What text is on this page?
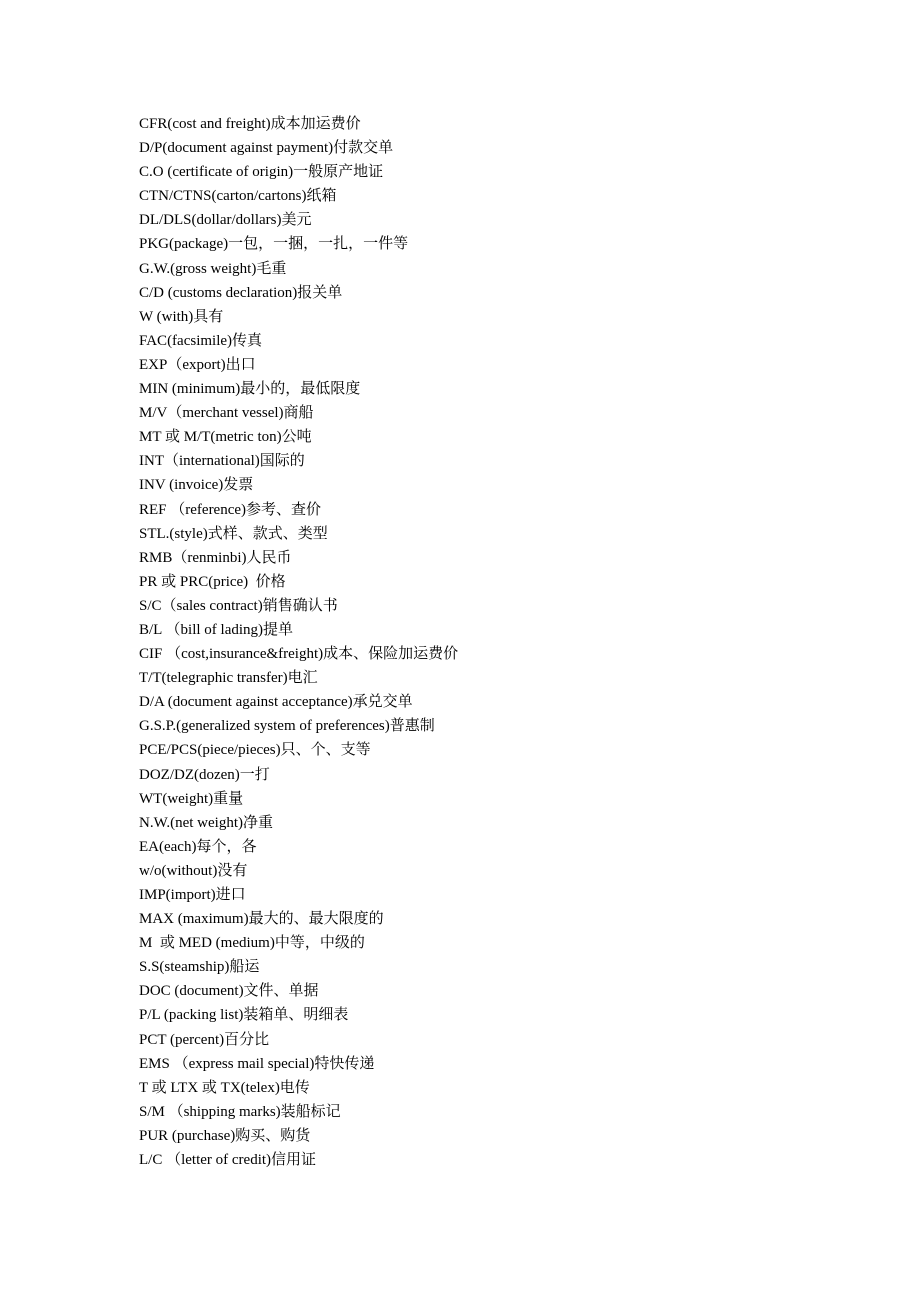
CFR(cost and freight)成本加运费价
D/P(document against payment)付款交单
C.O (certificate of origin)一般原产地证
CTN/CTNS(carton/cartons)纸箱
DL/DLS(dollar/dollars)美元
PKG(package)一包，一捆，一扎，一件等
G.W.(gross weight)毛重
C/D (customs declaration)报关单
W (with)具有
FAC(facsimile)传真
EXP（export)出口
MIN (minimum)最小的，最低限度
M/V（merchant vessel)商船
MT 或 M/T(metric ton)公吨
INT（international)国际的
INV (invoice)发票
REF （reference)参考、查价
STL.(style)式样、款式、类型
RMB（renminbi)人民币
PR 或 PRC(price)  价格
S/C（sales contract)销售确认书
B/L （bill of lading)提单
CIF （cost,insurance&freight)成本、保险加运费价
T/T(telegraphic transfer)电汇
D/A (document against acceptance)承兑交单
G.S.P.(generalized system of preferences)普惠制
PCE/PCS(piece/pieces)只、个、支等
DOZ/DZ(dozen)一打
WT(weight)重量
N.W.(net weight)净重
EA(each)每个，各
w/o(without)没有
IMP(import)进口
MAX (maximum)最大的、最大限度的
M  或 MED (medium)中等，中级的
S.S(steamship)船运
DOC (document)文件、单据
P/L (packing list)装箱单、明细表
PCT (percent)百分比
EMS （express mail special)特快传递
T 或 LTX 或 TX(telex)电传
S/M （shipping marks)装船标记
PUR (purchase)购买、购货
L/C （letter of credit)信用证
